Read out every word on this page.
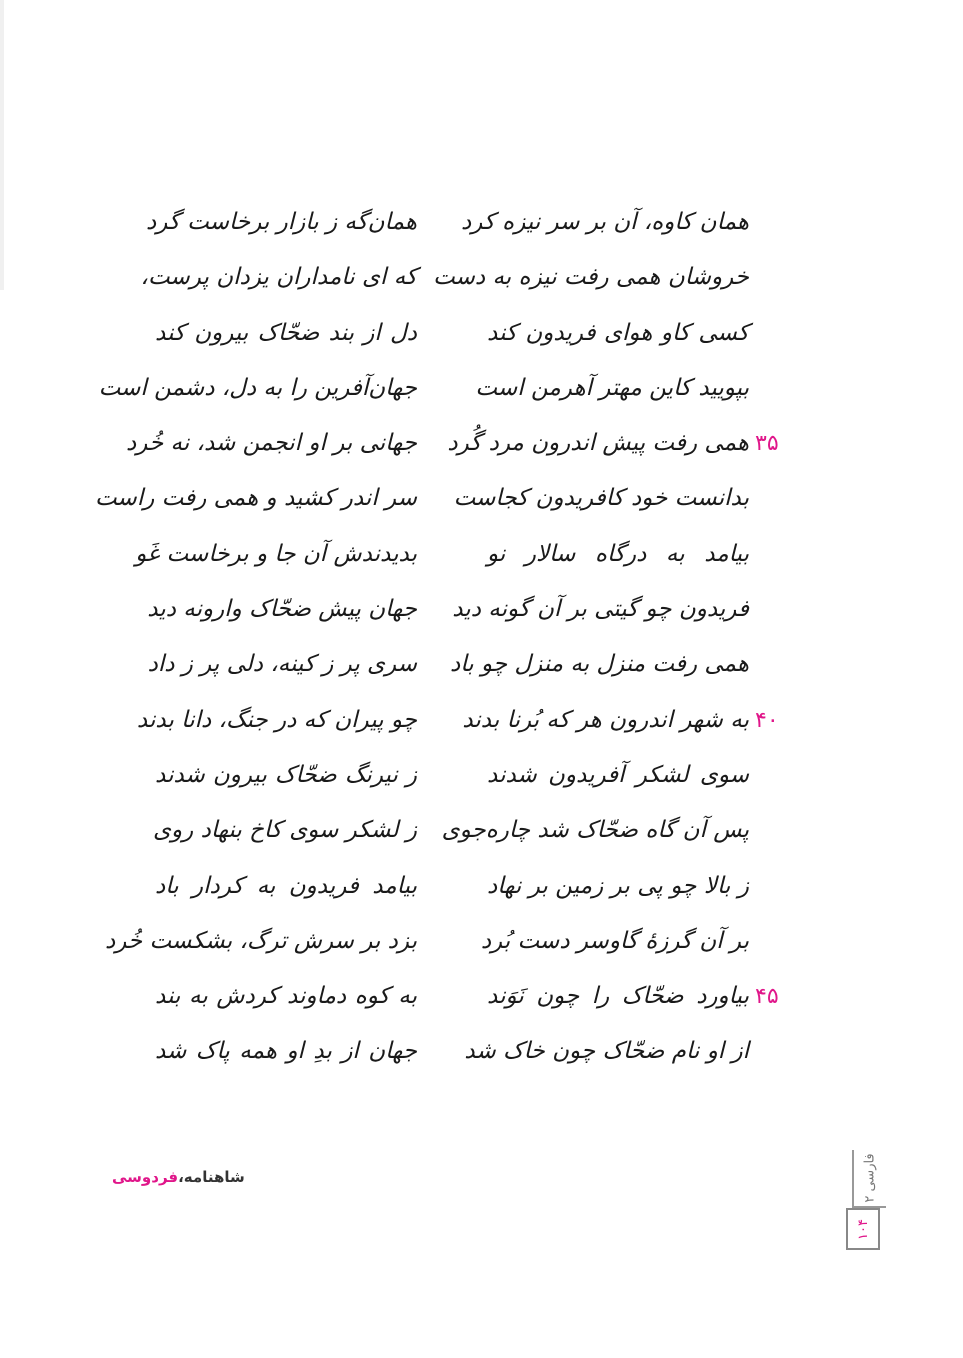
همان کاوه، آن بر سر نیزه کرد
همان‌گه ز بازار برخاست گرد
خروشان همی رفت نیزه به دست
که ای نامداران یزدان پرست،
کسی کاو هوای فریدون کند
دل از بند ضحّاک بیرون کند
بپویید کاین مهتر آهرمن است
جهان‌آفرین را به دل، دشمن است
همی رفت پیش اندرون مرد گُرد
جهانی بر او انجمن شد، نه خُرد	۳۵
بدانست خود کافریدون کجاست
سر اندر کشید و همی رفت راست
بیامد به درگاه سالار نو
بدیدندش آن جا و برخاست غَو
فریدون چو گیتی بر آن گونه دید
جهان پیش ضحّاک وارونه دید
همی رفت منزل به منزل چو باد
سری پر ز کینه، دلی پر ز داد
به شهر اندرون هر که بُرنا بدند
چو پیران که در جنگ، دانا بدند	۴۰
سوی لشکر آفریدون شدند
ز نیرنگ ضحّاک بیرون شدند
پس آن گاه ضحّاک شد چاره‌جوی
ز لشکر سوی کاخ بنهاد روی
ز بالا چو پی بر زمین بر نهاد
بیامد فریدون به کردار باد
بر آن گرزهٔ گاوسر دست بُرد
بزد بر سرش ترگ، بشکست خُرد
بیاورد ضحّاک را چون نَوَند
به کوه دماوند کردش به بند	۴۵
از او نام ضحّاک چون خاک شد
جهان از بدِ او همه پاک شد
شاهنامه،فردوسی
فارسی ۲
۱۰۴
